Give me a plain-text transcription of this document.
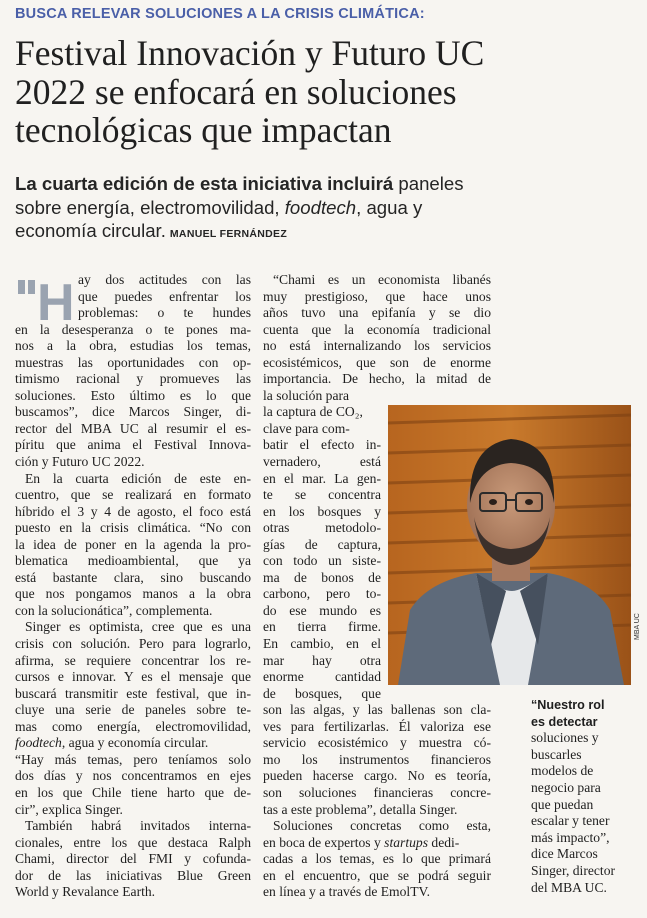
BUSCA RELEVAR SOLUCIONES A LA CRISIS CLIMÁTICA:
Festival Innovación y Futuro UC
2022 se enfocará en soluciones
tecnológicas que impactan
La cuarta edición de esta iniciativa incluirá paneles
sobre energía, electromovilidad, foodtech, agua y
economía circular. MANUEL FERNÁNDEZ
H ay dos actitudes con las
que puedes enfrentar los
problemas: o te hundes
en la desesperanza o te pones ma-
nos a la obra, estudias los temas,
muestras las oportunidades con op-
timismo racional y promueves las
soluciones. Esto último es lo que
buscamos”, dice Marcos Singer, di-
rector del MBA UC al resumir el es-
píritu que anima el Festival Innova-
ción y Futuro UC 2022.
En la cuarta edición de este en-
cuentro, que se realizará en formato
híbrido el 3 y 4 de agosto, el foco está
puesto en la crisis climática. “No con
la idea de poner en la agenda la pro-
blematica medioambiental, que ya
está bastante clara, sino buscando
que nos pongamos manos a la obra
con la solucionática”, complementa.
Singer es optimista, cree que es una
crisis con solución. Pero para lograrlo,
afirma, se requiere concentrar los re-
cursos e innovar. Y es el mensaje que
buscará transmitir este festival, que in-
cluye una serie de paneles sobre te-
mas como energía, electromovilidad,
foodtech, agua y economía circular.
“Hay más temas, pero teníamos solo
dos días y nos concentramos en ejes
en los que Chile tiene harto que de-
cir”, explica Singer.
También habrá invitados interna-
cionales, entre los que destaca Ralph
Chami, director del FMI y cofunda-
dor de las iniciativas Blue Green
World y Revalance Earth.
“Chami es un economista libanés
muy prestigioso, que hace unos
años tuvo una epifanía y se dio
cuenta que la economía tradicional
no está internalizando los servicios
ecosistémicos, que son de enorme
importancia. De hecho, la mitad de
la solución para
la captura de CO₂,
clave para com-
batir el efecto in-
vernadero, está
en el mar. La gen-
te se concentra
en los bosques y
otras metodolo-
gías de captura,
con todo un siste-
ma de bonos de
carbono, pero to-
do ese mundo es
en tierra firme.
En cambio, en el
mar hay otra
enorme cantidad
de bosques, que
son las algas, y las ballenas son cla-
ves para fertilizarlas. Él valoriza ese
servicio ecosistémico y muestra có-
mo los instrumentos financieros
pueden hacerse cargo. No es teoría,
son soluciones financieras concre-
tas a este problema”, detalla Singer.
Soluciones concretas como esta,
en boca de expertos y startups dedi-
cadas a los temas, es lo que primará
en el encuentro, que se podrá seguir
en línea y a través de EmolTV.
MBA UC
“Nuestro rol
es detectar
soluciones y
buscarles
modelos de
negocio para
que puedan
escalar y tener
más impacto”,
dice Marcos
Singer, director
del MBA UC.
